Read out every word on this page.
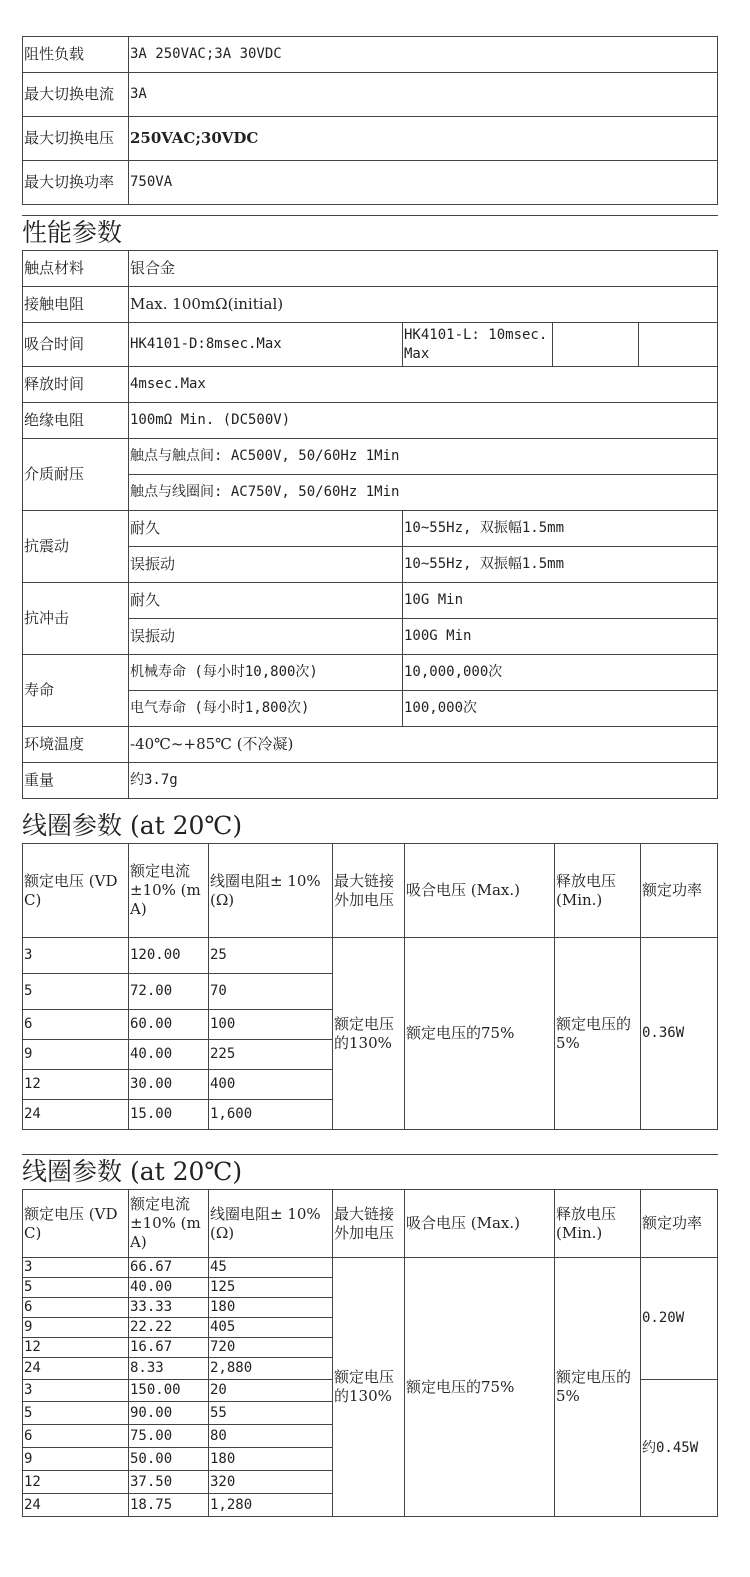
阻性负载	3A 250VAC;3A 30VDC
最大切换电流	3A
最大切换电压	250VAC;30VDC
最大切换功率	750VA
性能参数
触点材料	银合金			
接触电阻	Max. 100mΩ(initial)			
吸合时间	HK4101-D:8msec.Max	HK4101-L: 10msec.Max		
释放时间	4msec.Max			
绝缘电阻	100mΩ Min. (DC500V)			
介质耐压	触点与触点间: AC500V, 50/60Hz 1Min			
	触点与线圈间: AC750V, 50/60Hz 1Min			
抗震动	耐久	10~55Hz, 双振幅1.5mm		
	误振动	10~55Hz, 双振幅1.5mm		
抗冲击	耐久	10G Min		
	误振动	100G Min		
寿命	机械寿命 (每小时10,800次)	10,000,000次		
	电气寿命 (每小时1,800次)	100,000次		
环境温度	-40℃~+85℃ (不冷凝)			
重量	约3.7g			
线圈参数 (at 20℃)
额定电压 (VDC)	额定电流 ±10% (mA)	线圈电阻± 10%(Ω)	最大链接外加电压	吸合电压 (Max.)	释放电压 (Min.)	额定功率
3	120.00	25	额定电压的130%	额定电压的75%	额定电压的5%	0.36W
5	72.00	70				
6	60.00	100				
9	40.00	225				
12	30.00	400				
24	15.00	1,600				
线圈参数 (at 20℃)
额定电压 (VDC)	额定电流 ±10% (mA)	线圈电阻± 10%(Ω)	最大链接外加电压	吸合电压 (Max.)	释放电压 (Min.)	额定功率
3	66.67	45	额定电压的130%	额定电压的75%	额定电压的5%	0.20W
5	40.00	125				
6	33.33	180				
9	22.22	405				
12	16.67	720				
24	8.33	2,880				
3	150.00	20				约0.45W
5	90.00	55				
6	75.00	80				
9	50.00	180				
12	37.50	320				
24	18.75	1,280				
